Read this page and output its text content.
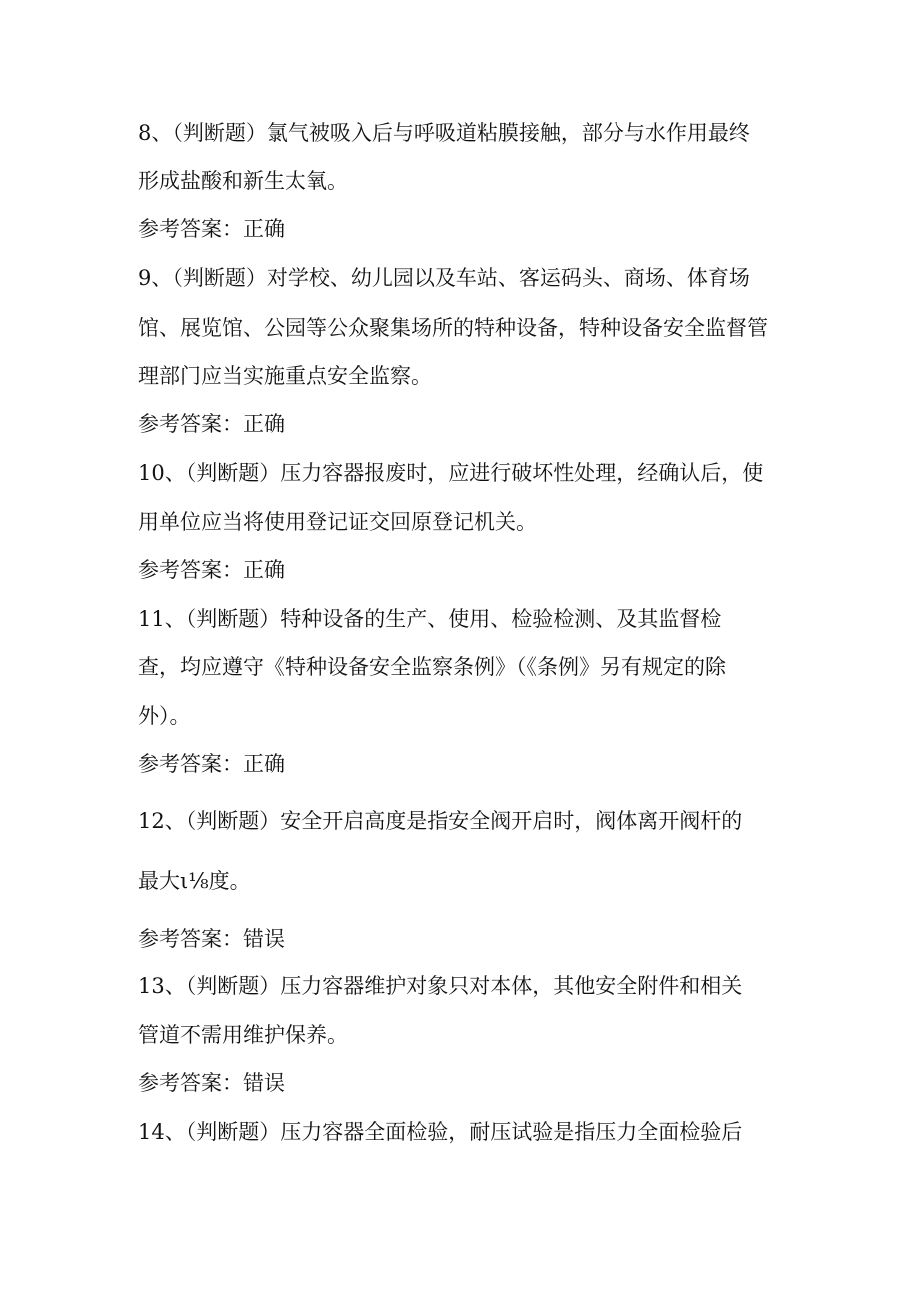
8、（判断题）氯气被吸入后与呼吸道粘膜接触，部分与水作用最终
形成盐酸和新生太氧。
参考答案：正确
9、（判断题）对学校、幼儿园以及车站、客运码头、商场、体育场
馆、展览馆、公园等公众聚集场所的特种设备，特种设备安全监督管
理部门应当实施重点安全监察。
参考答案：正确
10、（判断题）压力容器报废时，应进行破坏性处理，经确认后，使
用单位应当将使用登记证交回原登记机关。
参考答案：正确
11、（判断题）特种设备的生产、使用、检验检测、及其监督检
查，均应遵守《特种设备安全监察条例》（《条例》另有规定的除
外）。
参考答案：正确
12、（判断题）安全开启高度是指安全阀开启时，阀体离开阀杆的
最大ι⅛度。
参考答案：错误
13、（判断题）压力容器维护对象只对本体，其他安全附件和相关
管道不需用维护保养。
参考答案：错误
14、（判断题）压力容器全面检验，耐压试验是指压力全面检验后
